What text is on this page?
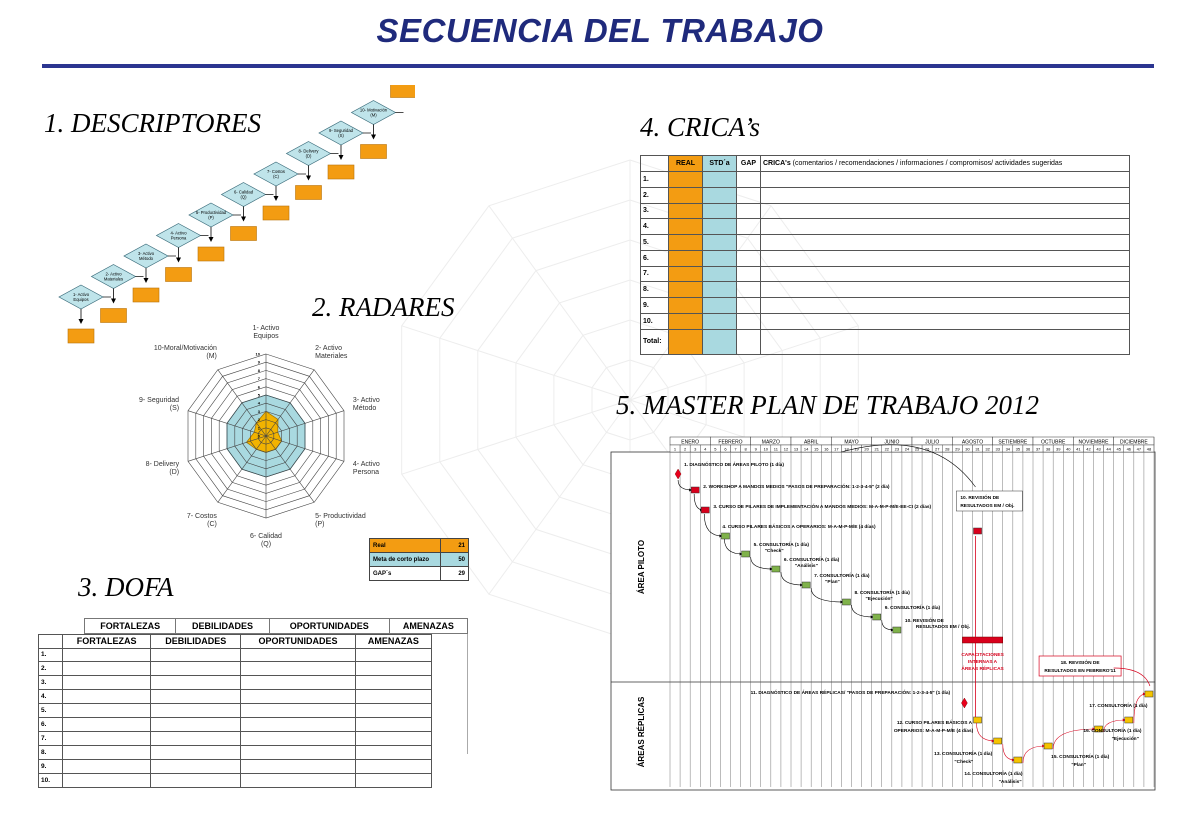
SECUENCIA DEL TRABAJO
1. DESCRIPTORES
2. RADARES
3. DOFA
4. CRICA’s
5. MASTER PLAN DE TRABAJO 2012
1- Activo
Equipos
2- Activo
Materiales
3- Activo
Método
4- Activo
Persona
5- Productividad
(P)
6- Calidad
(Q)
7- Costos
(C)
8- Delivery
(D)
9- Seguridad
(S)
10- Motivación
(M)
10
9
8
7
6
5
4
3
2
1
0
1- Activo
Equipos
2- Activo
Materiales
3- Activo
Método
4- Activo
Persona
5- Productividad
(P)
6- Calidad
(Q)
7- Costos
(C)
8- Delivery
(D)
9- Seguridad
(S)
10-Moral/Motivación
(M)
Real	21
Meta de corto plazo	50
GAP´s	29
FORTALEZAS	DEBILIDADES	OPORTUNIDADES	AMENAZAS
	FORTALEZAS	DEBILIDADES	OPORTUNIDADES	AMENAZAS
1.				
2.				
3.				
4.				
5.				
6.				
7.				
8.				
9.				
10.				
	REAL	STD´a	GAP	CRICA's (comentarios / recomendaciones / informaciones / compromisos/ actividades sugeridas
1.				
2.				
3.				
4.				
5.				
6.				
7.				
8.				
9.				
10.				
Total:				
ENERO	FEBRERO	MARZO	ABRIL	MAYO	JUNIO	JULIO	AGOSTO	SETIEMBRE	OCTUBRE	NOVIEMBRE DICIEMBRE
1 2 3 4 5 6 7 8 9 10 11 12 13 14 15 16 17 18 19 20 21 22 23 24 25 26 27 28 29 30 31 32 33 34 35 36 37 38 39 40 41 42 43 44 45 46 47 48
ÁREA PILOTO
ÁREAS RÉPLICAS
1. DIAGNÓSTICO DE ÁREAS PILOTO (1 día)
2. WORKSHOP A MANDOS MEDIOS "PASOS DE PREPARACIÓN: 1-2-3-4-5" (2 día)
3. CURSO DE PILARES DE IMPLEMENTACIÓN A MANDOS MEDIOS: M-A-M-P-M/E-EE-CI (2 días)
4. CURSO PILARES BÁSICOS A OPERARIOS: M-A-M-P-M/E (4 días)
5. CONSULTORÍA (1 día)
"Check"
6. CONSULTORÍA (1 día)
"Análisis"
7. CONSULTORÍA (1 día)
"Plan"
8. CONSULTORÍA (1 día)
"Ejecución"
9. CONSULTORÍA (1 día)
10. REVISIÓN DE
RESULTADOS EM / Obj.
10. REVISIÓN DE
RESULTADOS EM / Obj.
CAPACITACIONES
INTERNAS A
ÁREAS RÉPLICAS
18. REVISIÓN DE
RESULTADOS EN FEBRERO'11
11. DIAGNÓSTICO DE ÁREAS RÉPLICAS/ "PASOS DE PREPARACIÓN: 1-2-3-4-5" (1 día)
12. CURSO PILARES BÁSICOS A
OPERARIOS: M-A-M-P-M/E (4 días)
13. CONSULTORÍA (1 día)
"Check"
14. CONSULTORÍA (1 día)
"Análisis"
15. CONSULTORÍA (1 día)
"Plan"
16. CONSULTORÍA (1 día)
"Ejecución"
17. CONSULTORÍA (1 día)
